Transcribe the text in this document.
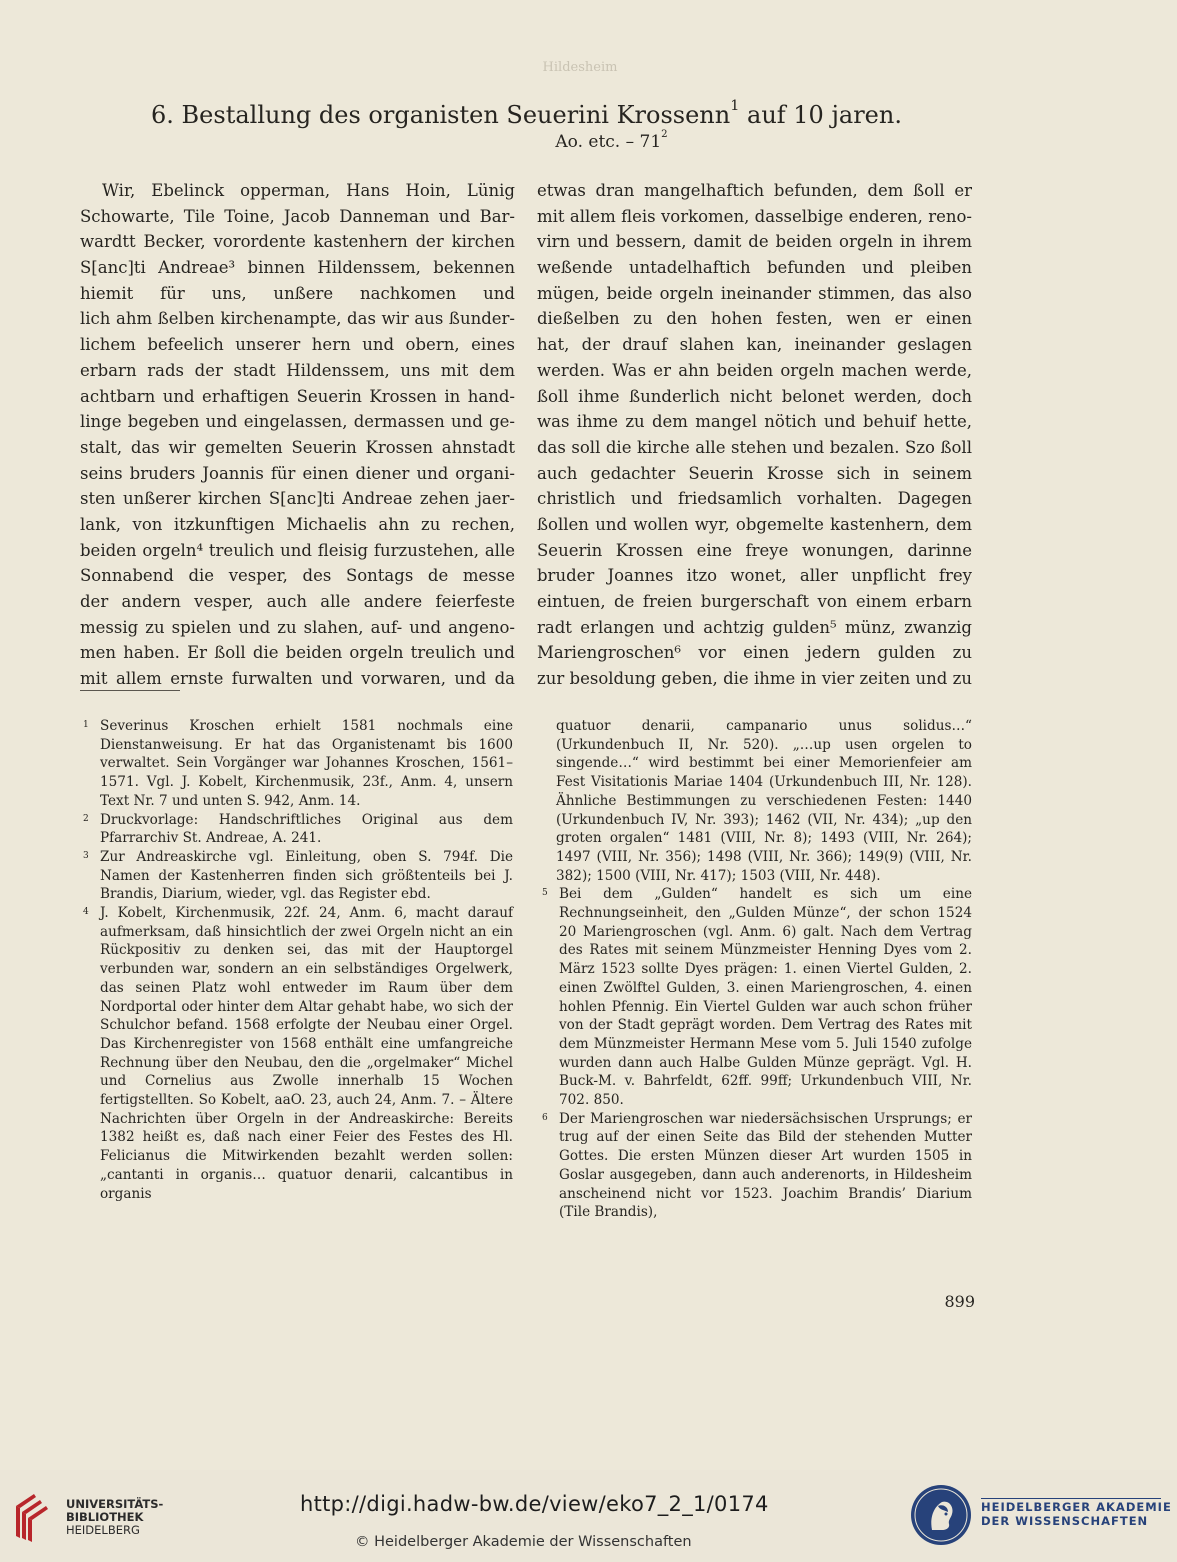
Hildesheim
6. Bestallung des organisten Seuerini Krossenn$^1$ auf 10 jaren.
Ao. etc. – $71^2$
Wir, Ebelinck opperman, Hans Hoin, Lünig
Schowarte, Tile Toine, Jacob Danneman und Bar-
wardtt Becker, vorordente kastenhern der kirchen
S[anc]ti Andreae³ binnen Hildenssem, bekennen
hiemit für uns, unßere nachkomen und
lich ahm ßelben kirchenampte, das wir aus ßunder-
lichem befeelich unserer hern und obern, eines
erbarn rads der stadt Hildenssem, uns mit dem
achtbarn und erhaftigen Seuerin Krossen in hand-
linge begeben und eingelassen, dermassen und ge-
stalt, das wir gemelten Seuerin Krossen ahnstadt
seins bruders Joannis für einen diener und organi-
sten unßerer kirchen S[anc]ti Andreae zehen jaer-
lank, von itzkunftigen Michaelis ahn zu rechen,
beiden orgeln⁴ treulich und fleisig furzustehen, alle
Sonnabend die vesper, des Sontags de messe
der andern vesper, auch alle andere feierfeste
messig zu spielen und zu slahen, auf- und angeno-
men haben. Er ßoll die beiden orgeln treulich und
mit allem ernste furwalten und vorwaren, und da
etwas dran mangelhaftich befunden, dem ßoll er
mit allem fleis vorkomen, dasselbige enderen, reno-
virn und bessern, damit de beiden orgeln in ihrem
weßende untadelhaftich befunden und pleiben
mügen, beide orgeln ineinander stimmen, das also
dießelben zu den hohen festen, wen er einen
hat, der drauf slahen kan, ineinander geslagen
werden. Was er ahn beiden orgeln machen werde,
ßoll ihme ßunderlich nicht belonet werden, doch
was ihme zu dem mangel nötich und behuif hette,
das soll die kirche alle stehen und bezalen. Szo ßoll
auch gedachter Seuerin Krosse sich in seinem
christlich und friedsamlich vorhalten. Dagegen
ßollen und wollen wyr, obgemelte kastenhern, dem
Seuerin Krossen eine freye wonungen, darinne
bruder Joannes itzo wonet, aller unpflicht frey
eintuen, de freien burgerschaft von einem erbarn
radt erlangen und achtzig gulden⁵ münz, zwanzig
Mariengroschen⁶ vor einen jedern gulden zu
zur besoldung geben, die ihme in vier zeiten und zu

1 Severinus Kroschen erhielt 1581 nochmals eine Dienstanweisung. Er hat das Organistenamt bis 1600 verwaltet. Sein Vorgänger war Johannes Kroschen, 1561–1571. Vgl. J. Kobelt, Kirchenmusik, 23f., Anm. 4, unsern Text Nr. 7 und unten S. 942, Anm. 14.

2 Druckvorlage: Handschriftliches Original aus dem Pfarrarchiv St. Andreae, A. 241.

3 Zur Andreaskirche vgl. Einleitung, oben S. 794f. Die Namen der Kastenherren finden sich größtenteils bei J. Brandis, Diarium, wieder, vgl. das Register ebd.

4 J. Kobelt, Kirchenmusik, 22f. 24, Anm. 6, macht darauf aufmerksam, daß hinsichtlich der zwei Orgeln nicht an ein Rückpositiv zu denken sei, das mit der Hauptorgel verbunden war, sondern an ein selbständiges Orgelwerk, das seinen Platz wohl entweder im Raum über dem Nordportal oder hinter dem Altar gehabt habe, wo sich der Schulchor befand. 1568 erfolgte der Neubau einer Orgel. Das Kirchenregister von 1568 enthält eine umfangreiche Rechnung über den Neubau, den die „orgelmaker“ Michel und Cornelius aus Zwolle innerhalb 15 Wochen fertigstellten. So Kobelt, aaO. 23, auch 24, Anm. 7. – Ältere Nachrichten über Orgeln in der Andreaskirche: Bereits 1382 heißt es, daß nach einer Feier des Festes des Hl. Felicianus die Mitwirkenden bezahlt werden sollen: „cantanti in organis… quatuor denarii, calcantibus in organis

quatuor denarii, campanario unus solidus…“ (Urkundenbuch II, Nr. 520). „…up usen orgelen to singende…“ wird bestimmt bei einer Memorienfeier am Fest Visitationis Mariae 1404 (Urkundenbuch III, Nr. 128). Ähnliche Bestimmungen zu verschiedenen Festen: 1440 (Urkundenbuch IV, Nr. 393); 1462 (VII, Nr. 434); „up den groten orgalen“ 1481 (VIII, Nr. 8); 1493 (VIII, Nr. 264); 1497 (VIII, Nr. 356); 1498 (VIII, Nr. 366); 149(9) (VIII, Nr. 382); 1500 (VIII, Nr. 417); 1503 (VIII, Nr. 448).

5 Bei dem „Gulden“ handelt es sich um eine Rechnungseinheit, den „Gulden Münze“, der schon 1524 20 Mariengroschen (vgl. Anm. 6) galt. Nach dem Vertrag des Rates mit seinem Münzmeister Henning Dyes vom 2. März 1523 sollte Dyes prägen: 1. einen Viertel Gulden, 2. einen Zwölftel Gulden, 3. einen Mariengroschen, 4. einen hohlen Pfennig. Ein Viertel Gulden war auch schon früher von der Stadt geprägt worden. Dem Vertrag des Rates mit dem Münzmeister Hermann Mese vom 5. Juli 1540 zufolge wurden dann auch Halbe Gulden Münze geprägt. Vgl. H. Buck-M. v. Bahrfeldt, 62ff. 99ff; Urkundenbuch VIII, Nr. 702. 850.

6 Der Mariengroschen war niedersächsischen Ursprungs; er trug auf der einen Seite das Bild der stehenden Mutter Gottes. Die ersten Münzen dieser Art wurden 1505 in Goslar ausgegeben, dann auch anderenorts, in Hildesheim anscheinend nicht vor 1523. Joachim Brandis’ Diarium (Tile Brandis),

899
UNIVERSITÄTS-
BIBLIOTHEK
HEIDELBERG
http://digi.hadw-bw.de/view/eko7_2_1/0174
© Heidelberger Akademie der Wissenschaften
HEIDELBERGER AKADEMIE
DER WISSENSCHAFTEN
